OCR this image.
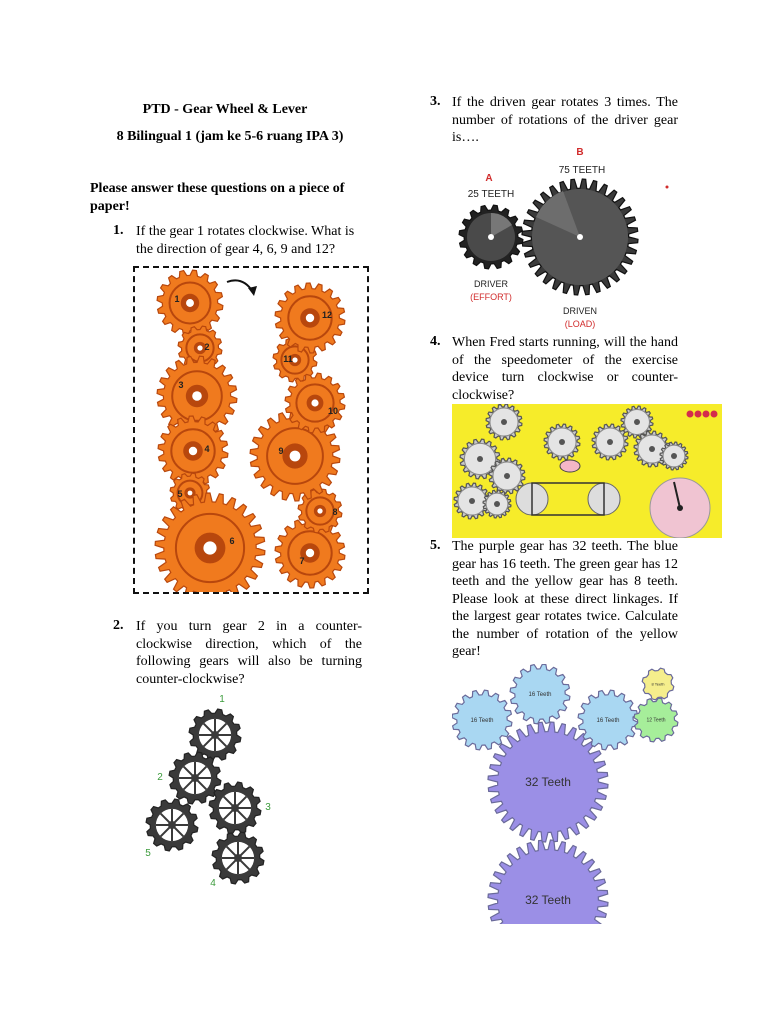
PTD - Gear Wheel & Lever
8 Bilingual 1 (jam ke 5-6 ruang IPA 3)
Please answer these questions on a piece of paper!
1. If the gear 1 rotates clockwise. What is the direction of gear 4, 6, 9 and 12?
1
2
3
4
5
6
7
8
9
10
11
12
2. If you turn gear 2 in a counter-clockwise direction, which of the following gears will also be turning counter-clockwise?
1
2
3
4
5
3. If the driven gear rotates 3 times. The number of rotations of the driver gear is….
A
B
75 TEETH
25 TEETH
DRIVER
(EFFORT)
DRIVEN
(LOAD)
4. When Fred starts running, will the hand of the speedometer of the exercise device turn clockwise or counter-clockwise?
5. The purple gear has 32 teeth. The blue gear has 16 teeth. The green gear has 12 teeth and the yellow gear has 8 teeth. Please look at these direct linkages. If the largest gear rotates twice. Calculate the number of rotation of the yellow gear!
32 Teeth
32 Teeth
16 Teeth
16 Teeth
16 Teeth	12 Teeth
8 Teeth
